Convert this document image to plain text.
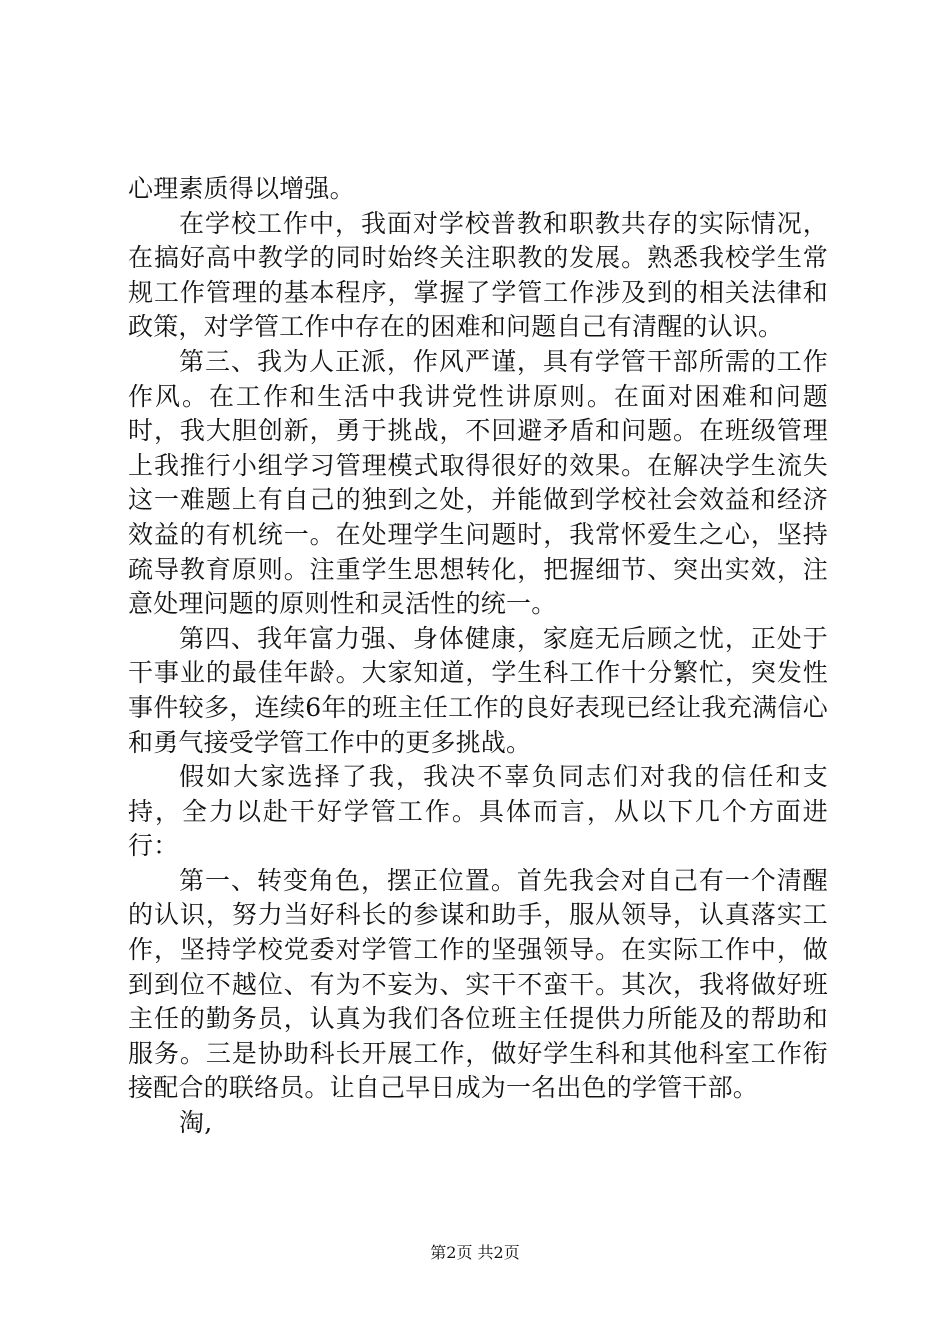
心理素质得以增强。

在学校工作中，我面对学校普教和职教共存的实际情况，在搞好高中教学的同时始终关注职教的发展。熟悉我校学生常规工作管理的基本程序，掌握了学管工作涉及到的相关法律和政策，对学管工作中存在的困难和问题自己有清醒的认识。

第三、我为人正派，作风严谨，具有学管干部所需的工作作风。在工作和生活中我讲党性讲原则。在面对困难和问题时，我大胆创新，勇于挑战，不回避矛盾和问题。在班级管理上我推行小组学习管理模式取得很好的效果。在解决学生流失这一难题上有自己的独到之处，并能做到学校社会效益和经济效益的有机统一。在处理学生问题时，我常怀爱生之心，坚持疏导教育原则。注重学生思想转化，把握细节、突出实效，注意处理问题的原则性和灵活性的统一。

第四、我年富力强、身体健康，家庭无后顾之忧，正处于干事业的最佳年龄。大家知道，学生科工作十分繁忙，突发性事件较多，连续6年的班主任工作的良好表现已经让我充满信心和勇气接受学管工作中的更多挑战。

假如大家选择了我，我决不辜负同志们对我的信任和支持，全力以赴干好学管工作。具体而言，从以下几个方面进行：

第一、转变角色，摆正位置。首先我会对自己有一个清醒的认识，努力当好科长的参谋和助手，服从领导，认真落实工作，坚持学校党委对学管工作的坚强领导。在实际工作中，做到到位不越位、有为不妄为、实干不蛮干。其次，我将做好班主任的勤务员，认真为我们各位班主任提供力所能及的帮助和服务。三是协助科长开展工作，做好学生科和其他科室工作衔接配合的联络员。让自己早日成为一名出色的学管干部。

淘,

第2页 共2页
